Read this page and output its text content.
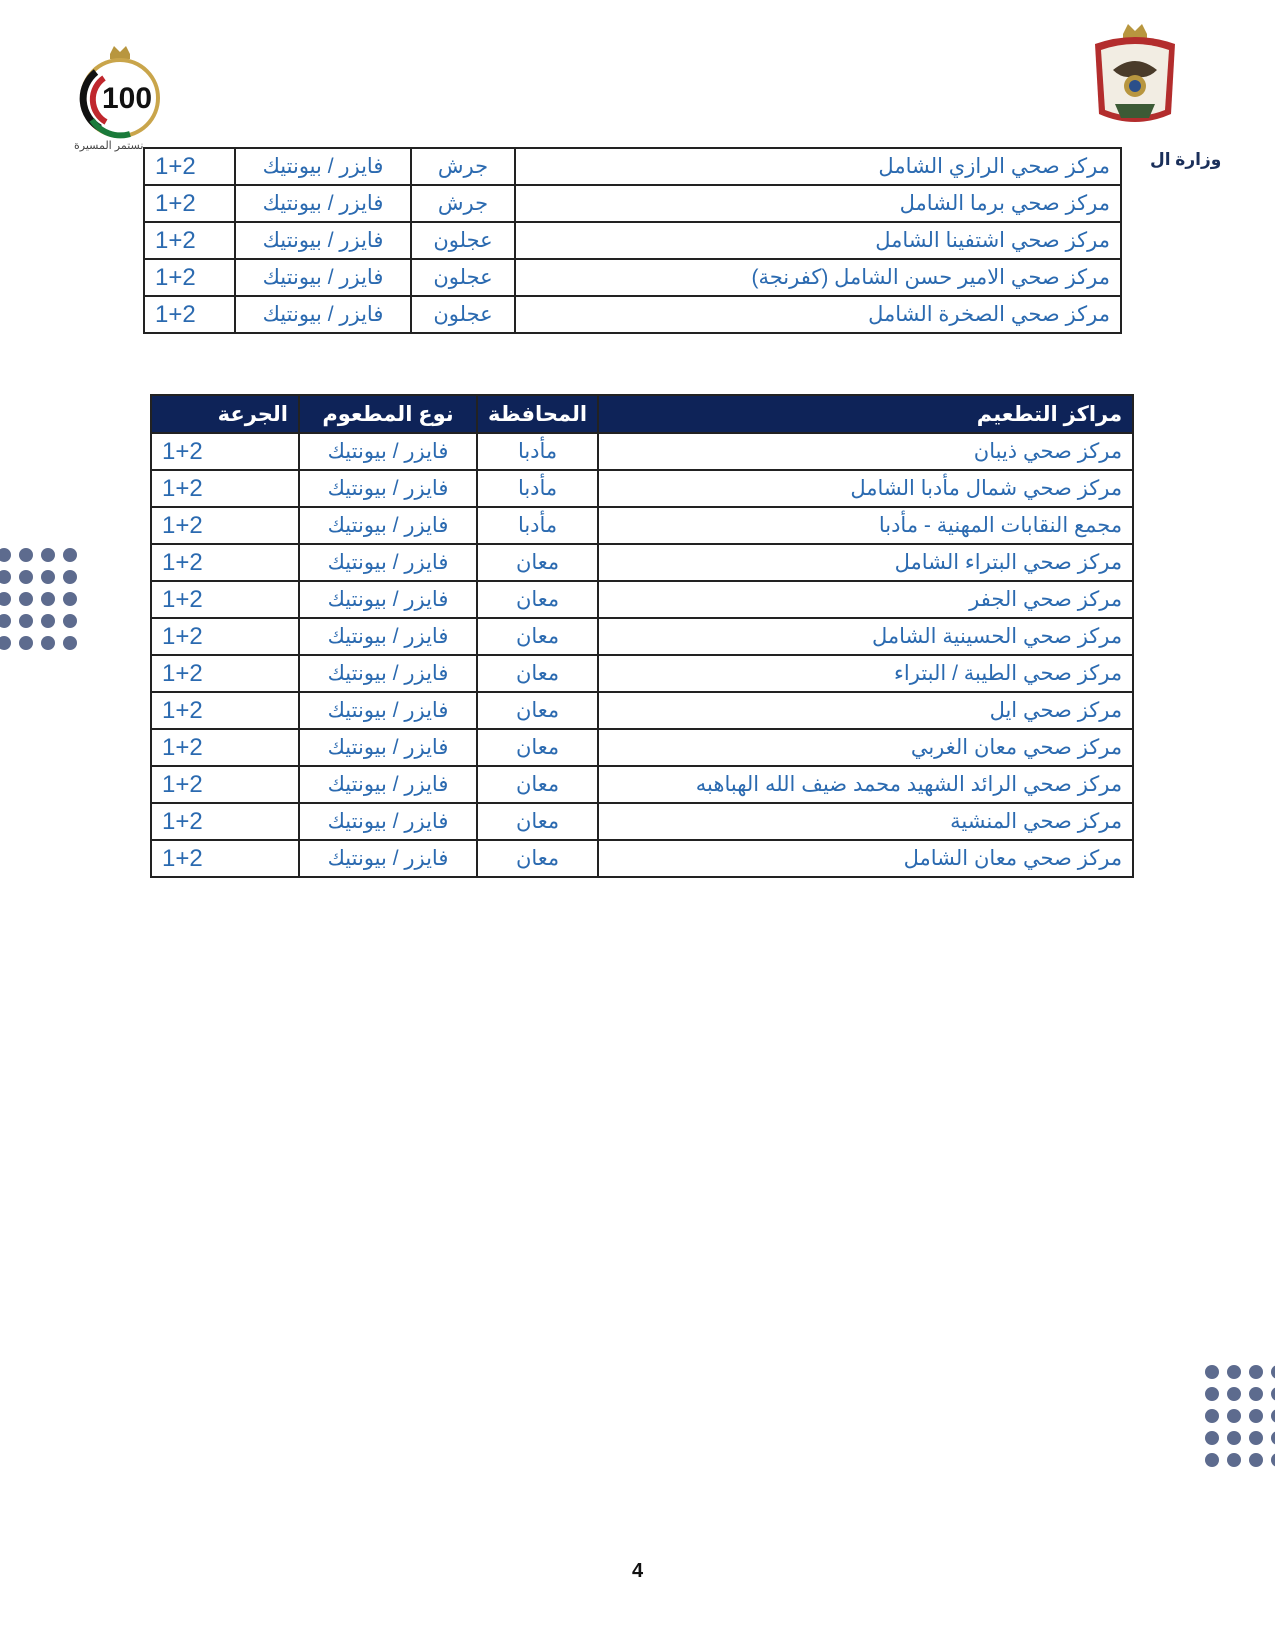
100
نستمر المسيرة
وزارة ال
مركز صحي الرازي الشامل	جرش	فايزر / بيونتيك	1+2
مركز صحي برما الشامل	جرش	فايزر / بيونتيك	1+2
مركز صحي اشتفينا الشامل	عجلون	فايزر / بيونتيك	1+2
مركز صحي الامير حسن الشامل (كفرنجة)	عجلون	فايزر / بيونتيك	1+2
مركز صحي الصخرة الشامل	عجلون	فايزر / بيونتيك	1+2
مراكز التطعيم	المحافظة	نوع المطعوم	الجرعة
مركز صحي ذيبان	مأدبا	فايزر / بيونتيك	1+2
مركز صحي شمال مأدبا الشامل	مأدبا	فايزر / بيونتيك	1+2
مجمع النقابات المهنية - مأدبا	مأدبا	فايزر / بيونتيك	1+2
مركز صحي البتراء الشامل	معان	فايزر / بيونتيك	1+2
مركز صحي الجفر	معان	فايزر / بيونتيك	1+2
مركز صحي الحسينية الشامل	معان	فايزر / بيونتيك	1+2
مركز صحي الطيبة / البتراء	معان	فايزر / بيونتيك	1+2
مركز صحي ايل	معان	فايزر / بيونتيك	1+2
مركز صحي معان الغربي	معان	فايزر / بيونتيك	1+2
مركز صحي الرائد الشهيد محمد ضيف الله الهباهبه	معان	فايزر / بيونتيك	1+2
مركز صحي المنشية	معان	فايزر / بيونتيك	1+2
مركز صحي معان الشامل	معان	فايزر / بيونتيك	1+2
4
